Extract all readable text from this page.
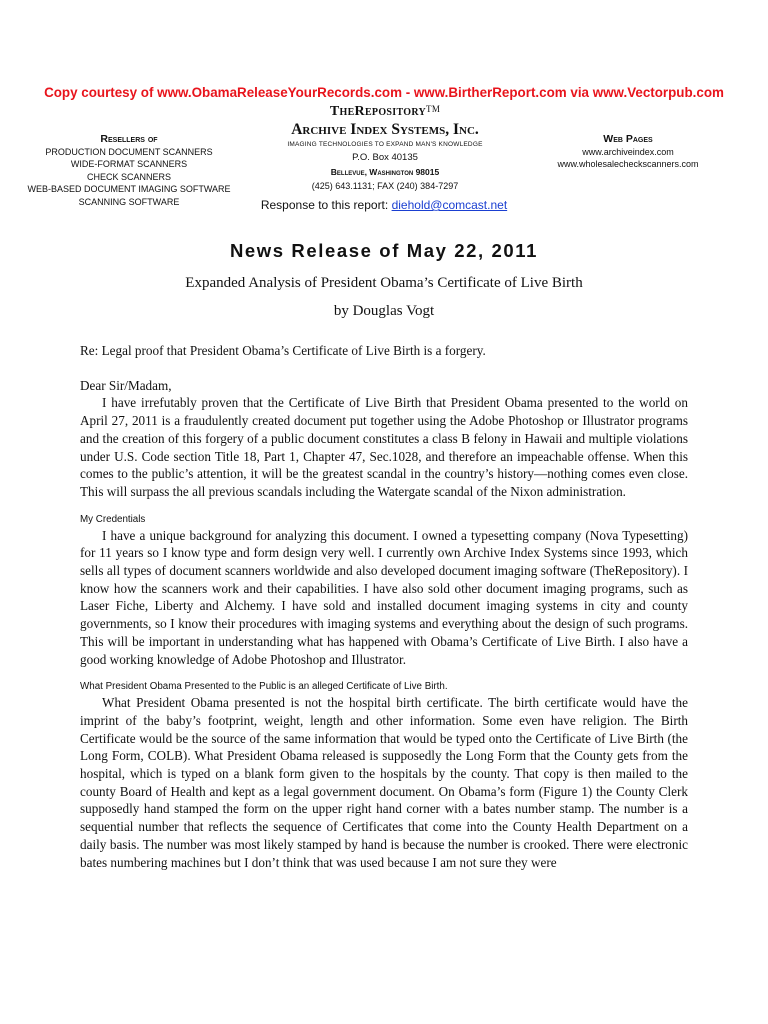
Copy courtesy of www.ObamaReleaseYourRecords.com - www.BirtherReport.com via www.Vectorpub.com
TheRepository™
Archive Index Systems, Inc.
IMAGING TECHNOLOGIES TO EXPAND MAN'S KNOWLEDGE
P.O. Box 40135
Bellevue, Washington 98015
(425) 643.1131; FAX (240) 384-7297
Response to this report: diehold@comcast.net
Resellers of
PRODUCTION DOCUMENT SCANNERS
WIDE-FORMAT SCANNERS
CHECK SCANNERS
WEB-BASED DOCUMENT IMAGING SOFTWARE
SCANNING SOFTWARE
Web Pages
www.archiveindex.com
www.wholesalecheckscanners.com
News Release of May 22, 2011
Expanded Analysis of President Obama’s Certificate of Live Birth
by Douglas Vogt

Re: Legal proof that President Obama’s Certificate of Live Birth is a forgery.

Dear Sir/Madam,

I have irrefutably proven that the Certificate of Live Birth that President Obama presented to the world on April 27, 2011 is a fraudulently created document put together using the Adobe Photoshop or Illustrator programs and the creation of this forgery of a public document constitutes a class B felony in Hawaii and multiple violations under U.S. Code section Title 18, Part 1, Chapter 47, Sec.1028, and therefore an impeachable offense. When this comes to the public’s attention, it will be the greatest scandal in the country’s history—nothing comes even close. This will surpass the all previous scandals including the Watergate scandal of the Nixon administration.

My Credentials

I have a unique background for analyzing this document. I owned a typesetting company (Nova Typesetting) for 11 years so I know type and form design very well. I currently own Archive Index Systems since 1993, which sells all types of document scanners worldwide and also developed document imaging software (TheRepository). I know how the scanners work and their capabilities. I have also sold other document imaging programs, such as Laser Fiche, Liberty and Alchemy. I have sold and installed document imaging systems in city and county governments, so I know their procedures with imaging systems and everything about the design of such programs. This will be important in understanding what has happened with Obama’s Certificate of Live Birth. I also have a good working knowledge of Adobe Photoshop and Illustrator.

What President Obama Presented to the Public is an alleged Certificate of Live Birth.

What President Obama presented is not the hospital birth certificate. The birth certificate would have the imprint of the baby’s footprint, weight, length and other information. Some even have religion. The Birth Certificate would be the source of the same information that would be typed onto the Certificate of Live Birth (the Long Form, COLB). What President Obama released is supposedly the Long Form that the County gets from the hospital, which is typed on a blank form given to the hospitals by the county. That copy is then mailed to the county Board of Health and kept as a legal government document. On Obama’s form (Figure 1) the County Clerk supposedly hand stamped the form on the upper right hand corner with a bates number stamp. The number is a sequential number that reflects the sequence of Certificates that come into the County Health Department on a daily basis. The number was most likely stamped by hand is because the number is crooked. There were electronic bates numbering machines but I don’t think that was used because I am not sure they were
